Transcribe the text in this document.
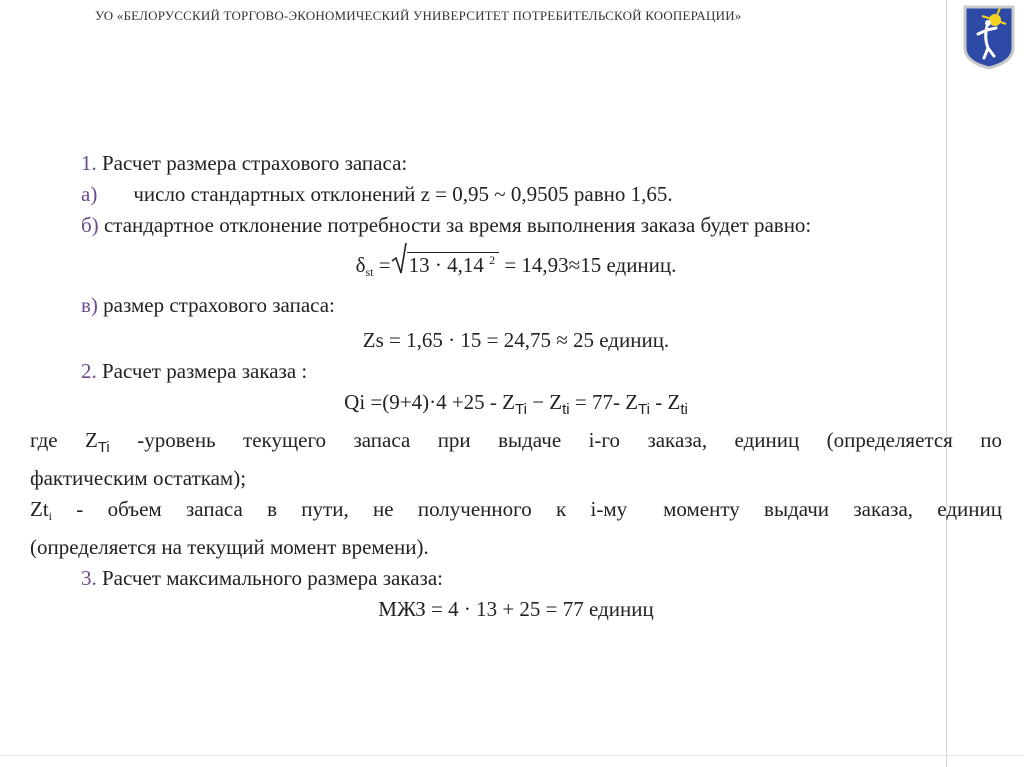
УО «БЕЛОРУССКИЙ ТОРГОВО-ЭКОНОМИЧЕСКИЙ УНИВЕРСИТЕТ ПОТРЕБИТЕЛЬСКОЙ КООПЕРАЦИИ»
1. Расчет размера страхового запаса:
а) число стандартных отклонений z = 0,95 ~ 0,9505 равно 1,65.
б) стандартное отклонение потребности за время выполнения заказа будет равно:
$\delta_{st} = 13 \cdot 4,14$ $^2$ = 14,93≈15 единиц.
в) размер страхового запаса:
Zs = 1,65 · 15 = 24,75 ≈ 25 единиц.
2. Расчет размера заказа :
$Qi =(9+4)\cdot 4 +25 - Z_{Ti} - Z_{ti} = 77-$ $Z_{Ti} - Z_{ti}$
где $Z_{Ti}$ -уровень текущего запаса при выдаче i-го заказа, единиц (определяется по
фактическим остаткам);
$Zt_i$ - объем запаса в пути, не полученного к i-му моменту выдачи заказа, единиц
(определяется на текущий момент времени).
3. Расчет максимального размера заказа:
МЖЗ = 4 · 13 + 25 = 77 единиц
